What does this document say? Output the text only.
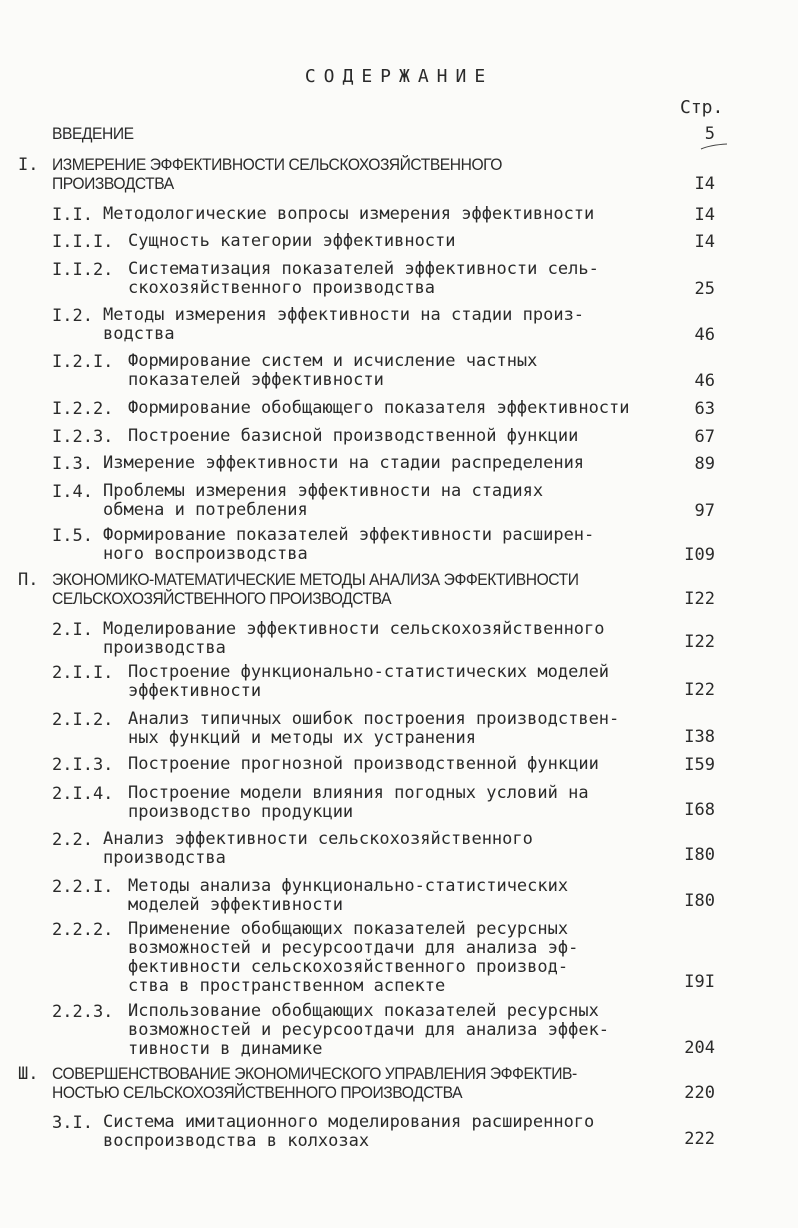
СОДЕРЖАНИЕ
Стр.
ВВЕДЕНИЕ	5
I. ИЗМЕРЕНИЕ ЭФФЕКТИВНОСТИ СЕЛЬСКОХОЗЯЙСТВЕННОГО
ПРОИЗВОДСТВА	I4
I.I. Методологические вопросы измерения эффективности	I4
I.I.I. Сущность категории эффективности	I4
I.I.2. Систематизация показателей эффективности сель-
скохозяйственного производства	25
I.2. Методы измерения эффективности на стадии произ-
водства	46
I.2.I. Формирование систем и исчисление частных
показателей эффективности	46
I.2.2. Формирование обобщающего показателя эффективности	63
I.2.3. Построение базисной производственной функции	67
I.3. Измерение эффективности на стадии распределения	89
I.4. Проблемы измерения эффективности на стадиях
обмена и потребления	97
I.5. Формирование показателей эффективности расширен-
ного воспроизводства	I09
П. ЭКОНОМИКО-МАТЕМАТИЧЕСКИЕ МЕТОДЫ АНАЛИЗА ЭФФЕКТИВНОСТИ
СЕЛЬСКОХОЗЯЙСТВЕННОГО ПРОИЗВОДСТВА	I22
2.I. Моделирование эффективности сельскохозяйственного
производства	I22
2.I.I. Построение функционально-статистических моделей
эффективности	I22
2.I.2. Анализ типичных ошибок построения производствен-
ных функций и методы их устранения	I38
2.I.3. Построение прогнозной производственной функции	I59
2.I.4. Построение модели влияния погодных условий на
производство продукции	I68
2.2. Анализ эффективности сельскохозяйственного
производства	I80
2.2.I. Методы анализа функционально-статистических
моделей эффективности	I80
2.2.2. Применение обобщающих показателей ресурсных
возможностей и ресурсоотдачи для анализа эф-
фективности сельскохозяйственного производ-
ства в пространственном аспекте	I9I
2.2.3. Использование обобщающих показателей ресурсных
возможностей и ресурсоотдачи для анализа эффек-
тивности в динамике	204
Ш. СОВЕРШЕНСТВОВАНИЕ ЭКОНОМИЧЕСКОГО УПРАВЛЕНИЯ ЭФФЕКТИВ-
НОСТЬЮ СЕЛЬСКОХОЗЯЙСТВЕННОГО ПРОИЗВОДСТВА	220
3.I. Система имитационного моделирования расширенного
воспроизводства в колхозах	222
